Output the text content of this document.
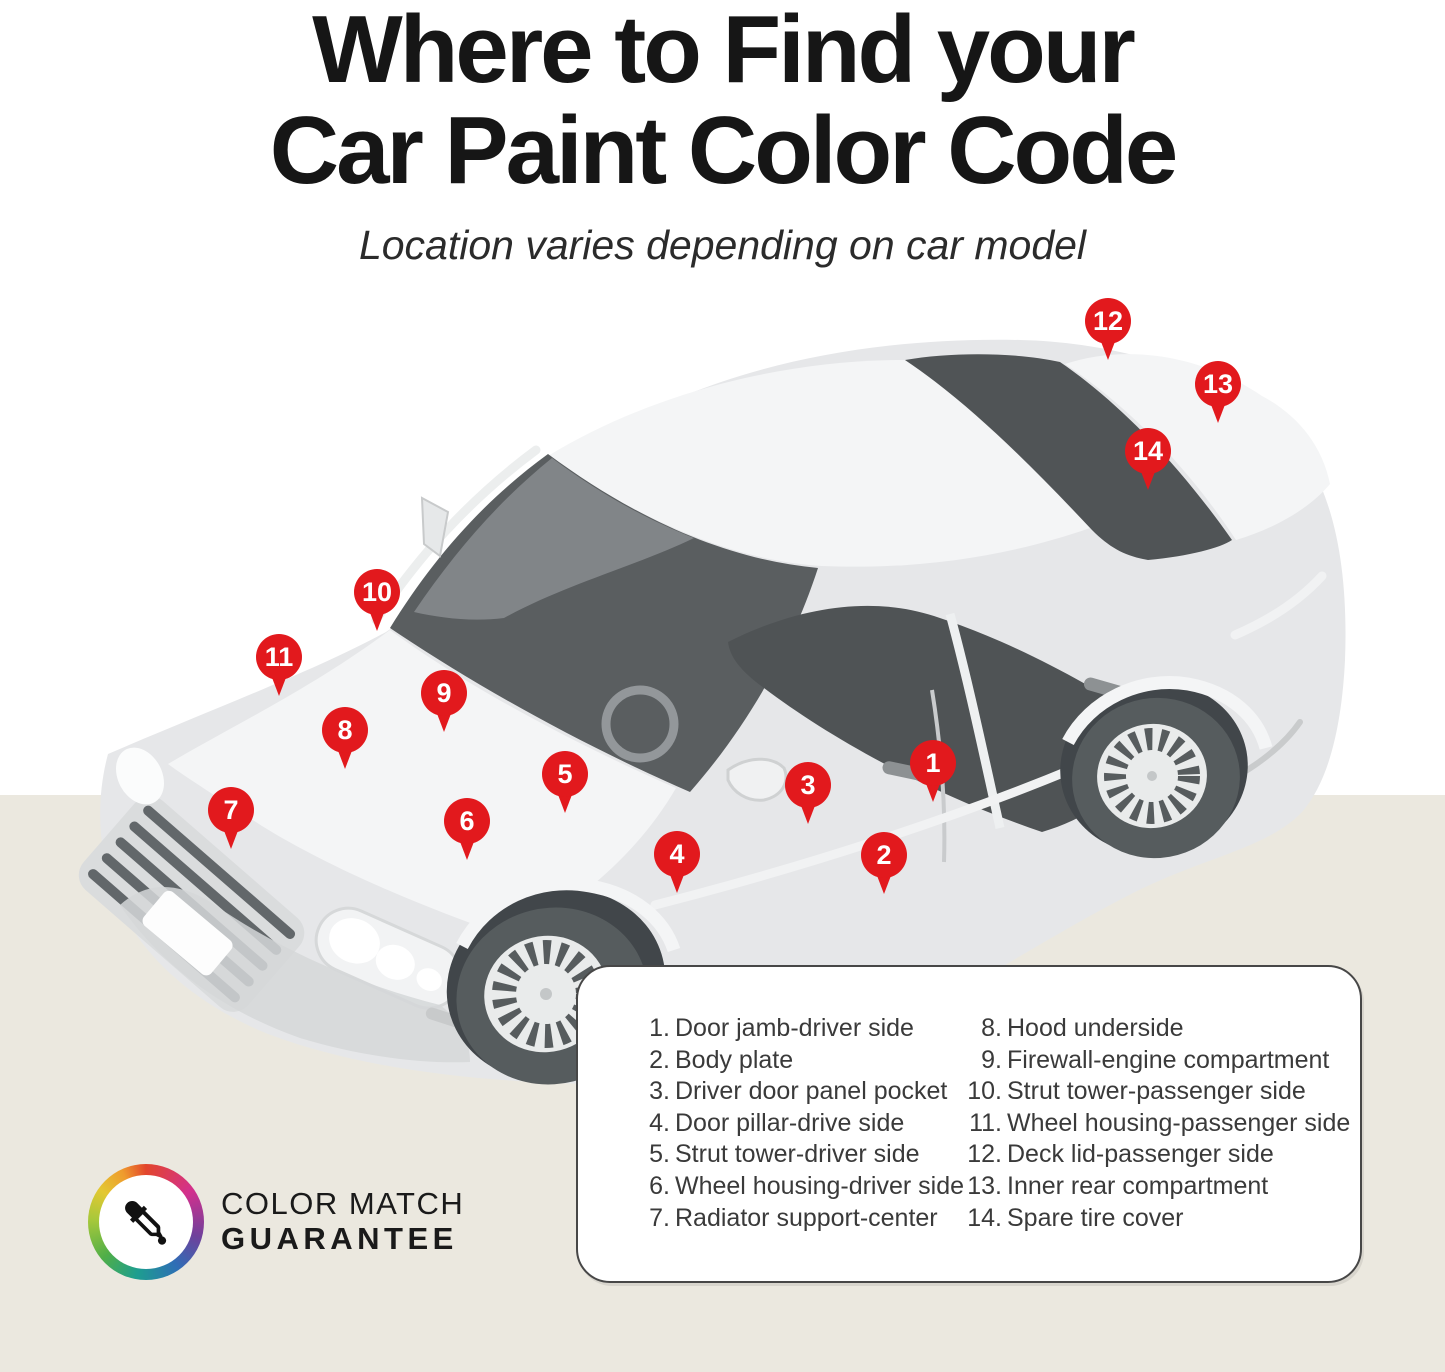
Where to Find your
Car Paint Color Code

Location varies depending on car model

1
2
3
4
5
6
7
8
9
10
11
12
13
14
1. Door jamb-driver side
2. Body plate
3. Driver door panel pocket
4. Door pillar-drive side
5. Strut tower-driver side
6. Wheel housing-driver side
7. Radiator support-center
8. Hood underside
9. Firewall-engine compartment
10. Strut tower-passenger side
11. Wheel housing-passenger side
12. Deck lid-passenger side
13. Inner rear compartment
14. Spare tire cover
COLOR MATCH
GUARANTEE
